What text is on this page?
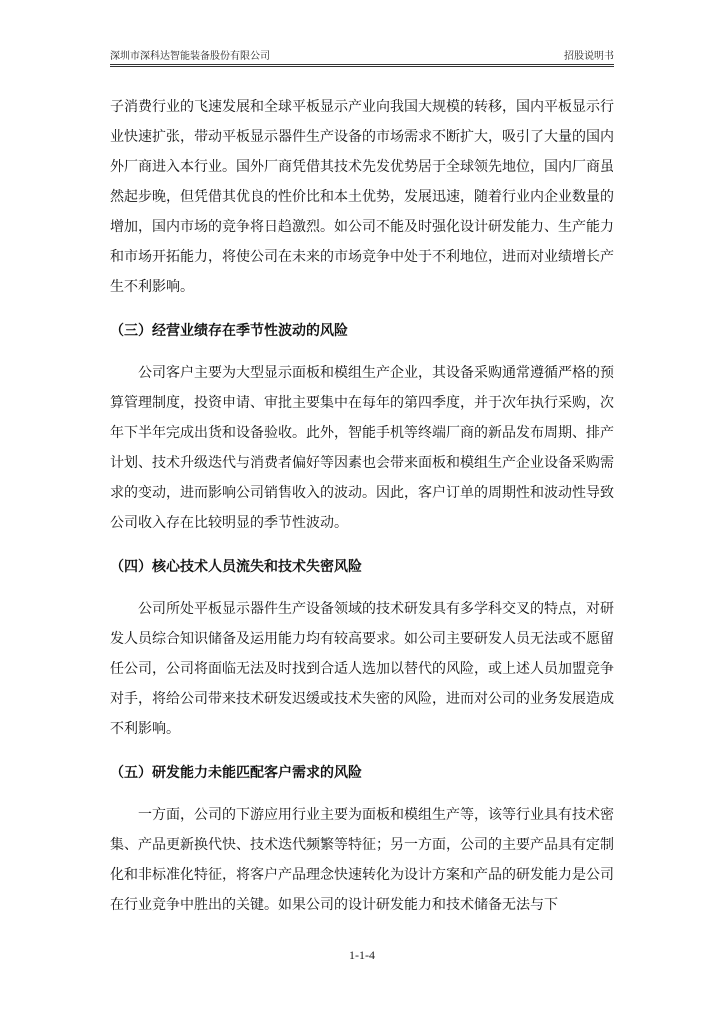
深圳市深科达智能装备股份有限公司	招股说明书

子消费行业的飞速发展和全球平板显示产业向我国大规模的转移，国内平板显示行业快速扩张，带动平板显示器件生产设备的市场需求不断扩大，吸引了大量的国内外厂商进入本行业。国外厂商凭借其技术先发优势居于全球领先地位，国内厂商虽然起步晚，但凭借其优良的性价比和本土优势，发展迅速，随着行业内企业数量的增加，国内市场的竞争将日趋激烈。如公司不能及时强化设计研发能力、生产能力和市场开拓能力，将使公司在未来的市场竞争中处于不利地位，进而对业绩增长产生不利影响。

（三）经营业绩存在季节性波动的风险

公司客户主要为大型显示面板和模组生产企业，其设备采购通常遵循严格的预算管理制度，投资申请、审批主要集中在每年的第四季度，并于次年执行采购，次年下半年完成出货和设备验收。此外，智能手机等终端厂商的新品发布周期、排产计划、技术升级迭代与消费者偏好等因素也会带来面板和模组生产企业设备采购需求的变动，进而影响公司销售收入的波动。因此，客户订单的周期性和波动性导致公司收入存在比较明显的季节性波动。

（四）核心技术人员流失和技术失密风险

公司所处平板显示器件生产设备领域的技术研发具有多学科交叉的特点，对研发人员综合知识储备及运用能力均有较高要求。如公司主要研发人员无法或不愿留任公司，公司将面临无法及时找到合适人选加以替代的风险，或上述人员加盟竞争对手，将给公司带来技术研发迟缓或技术失密的风险，进而对公司的业务发展造成不利影响。

（五）研发能力未能匹配客户需求的风险

一方面，公司的下游应用行业主要为面板和模组生产等，该等行业具有技术密集、产品更新换代快、技术迭代频繁等特征；另一方面，公司的主要产品具有定制化和非标准化特征，将客户产品理念快速转化为设计方案和产品的研发能力是公司在行业竞争中胜出的关键。如果公司的设计研发能力和技术储备无法与下

1-1-4
